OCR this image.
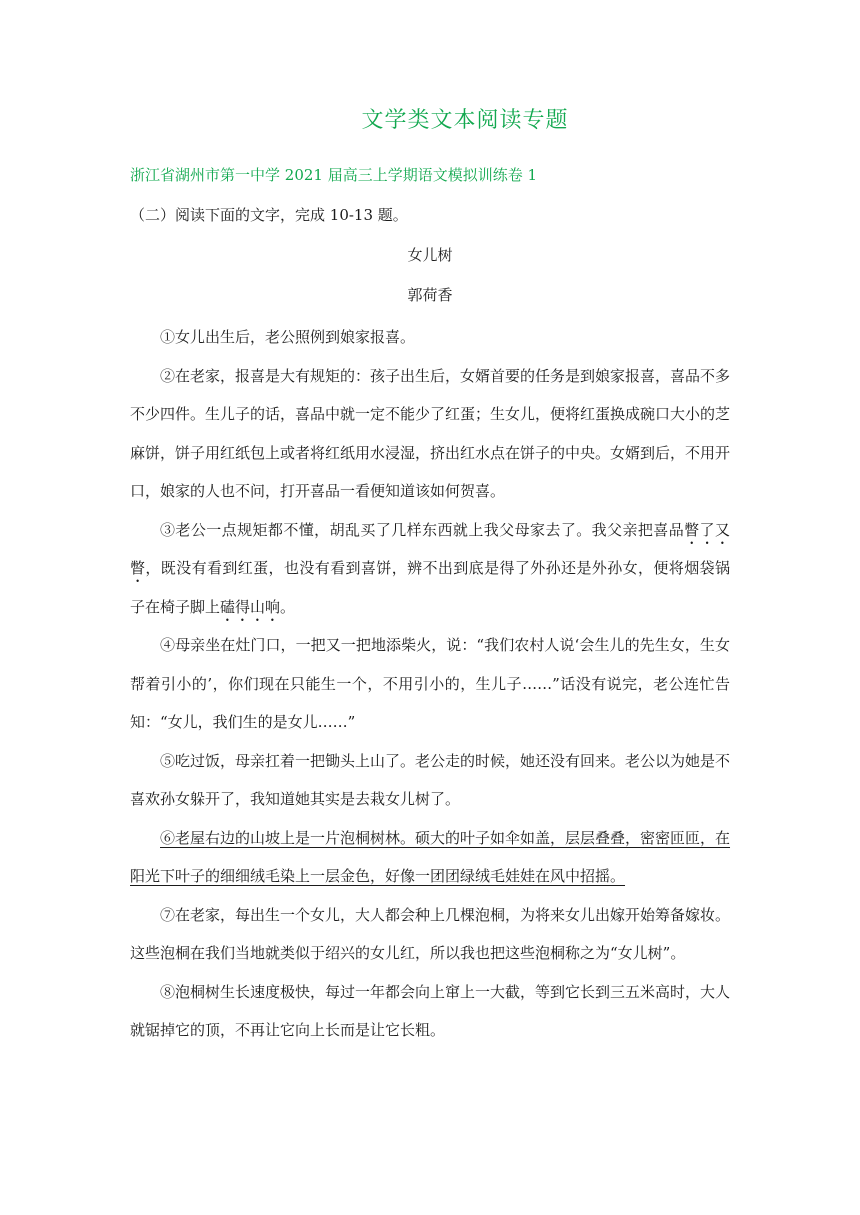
文学类文本阅读专题
浙江省湖州市第一中学 2021 届高三上学期语文模拟训练卷 1
（二）阅读下面的文字，完成 10-13 题。
女儿树
郭荷香

①女儿出生后，老公照例到娘家报喜。

②在老家，报喜是大有规矩的：孩子出生后，女婿首要的任务是到娘家报喜，喜品不多不少四件。生儿子的话，喜品中就一定不能少了红蛋；生女儿，便将红蛋换成碗口大小的芝麻饼，饼子用红纸包上或者将红纸用水浸湿，挤出红水点在饼子的中央。女婿到后，不用开口，娘家的人也不问，打开喜品一看便知道该如何贺喜。

③老公一点规矩都不懂，胡乱买了几样东西就上我父母家去了。我父亲把喜品瞥了又瞥，既没有看到红蛋，也没有看到喜饼，辨不出到底是得了外孙还是外孙女，便将烟袋锅子在椅子脚上磕得山响。

④母亲坐在灶门口，一把又一把地添柴火，说：“我们农村人说‘会生儿的先生女，生女帮着引小的’，你们现在只能生一个，不用引小的，生儿子……”话没有说完，老公连忙告知：“女儿，我们生的是女儿……”

⑤吃过饭，母亲扛着一把锄头上山了。老公走的时候，她还没有回来。老公以为她是不喜欢孙女躲开了，我知道她其实是去栽女儿树了。

⑥老屋右边的山坡上是一片泡桐树林。硕大的叶子如伞如盖，层层叠叠，密密匝匝，在阳光下叶子的细细绒毛染上一层金色，好像一团团绿绒毛娃娃在风中招摇。

⑦在老家，每出生一个女儿，大人都会种上几棵泡桐，为将来女儿出嫁开始筹备嫁妆。这些泡桐在我们当地就类似于绍兴的女儿红，所以我也把这些泡桐称之为“女儿树”。

⑧泡桐树生长速度极快，每过一年都会向上窜上一大截，等到它长到三五米高时，大人就锯掉它的顶，不再让它向上长而是让它长粗。
